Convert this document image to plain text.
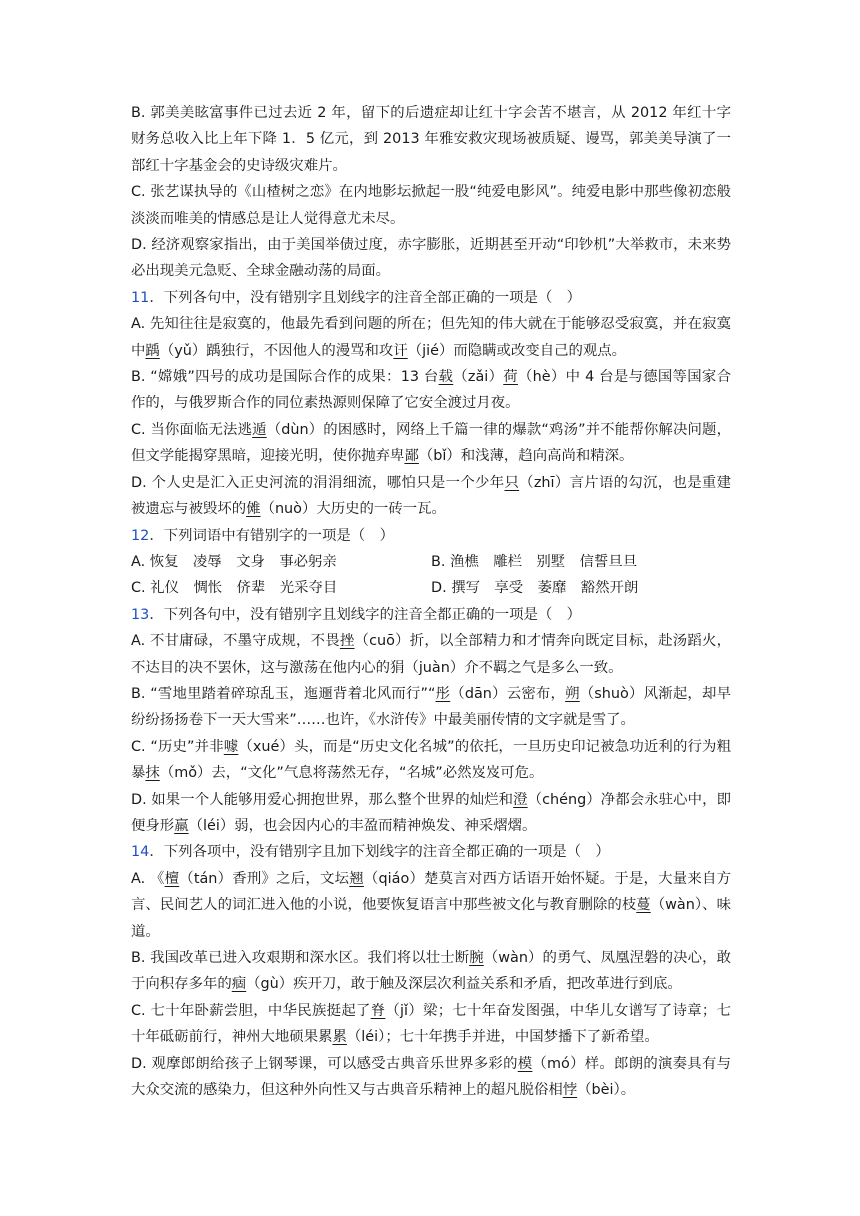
B. 郭美美眩富事件已过去近 2 年，留下的后遗症却让红十字会苦不堪言，从 2012 年红十字财务总收入比上年下降 1．5 亿元，到 2013 年雅安救灾现场被质疑、谩骂，郭美美导演了一部红十字基金会的史诗级灾难片。

C. 张艺谋执导的《山楂树之恋》在内地影坛掀起一股“纯爱电影风”。纯爱电影中那些像初恋般淡淡而唯美的情感总是让人觉得意尤未尽。

D. 经济观察家指出，由于美国举债过度，赤字膨胀，近期甚至开动“印钞机”大举救市，未来势必出现美元急贬、全球金融动荡的局面。

11．下列各句中，没有错别字且划线字的注音全部正确的一项是（　）

A. 先知往往是寂寞的，他最先看到问题的所在；但先知的伟大就在于能够忍受寂寞，并在寂寞中踽（yǔ）踽独行，不因他人的漫骂和攻讦（jié）而隐瞒或改变自己的观点。

B. “嫦娥”四号的成功是国际合作的成果：13 台载（zǎi）荷（hè）中 4 台是与德国等国家合作的，与俄罗斯合作的同位素热源则保障了它安全渡过月夜。

C. 当你面临无法逃遁（dùn）的困感时，网络上千篇一律的爆款“鸡汤”并不能帮你解决问题，但文学能揭穿黑暗，迎接光明，使你抛弃卑鄙（bǐ）和浅薄，趋向高尚和精深。

D. 个人史是汇入正史河流的涓涓细流，哪怕只是一个少年只（zhī）言片语的勾沉，也是重建被遗忘与被毁坏的傩（nuò）大历史的一砖一瓦。

12．下列词语中有错别字的一项是（　）

A. 恢复　凌辱　文身　事必躬亲	B. 渔樵　雕栏　别墅　信誓旦旦
C. 礼仪　惆怅　侪辈　光采夺目	D. 撰写　享受　萎靡　豁然开朗

13．下列各句中，没有错别字且划线字的注音全都正确的一项是（　）

A. 不甘庸碌，不墨守成规，不畏挫（cuō）折，以全部精力和才情奔向既定目标，赴汤蹈火，不达目的决不罢休，这与激荡在他内心的狷（juàn）介不羁之气是多么一致。

B. “雪地里踏着碎琼乱玉，迤逦背着北风而行”“彤（dān）云密布，朔（shuò）风渐起，却早纷纷扬扬卷下一天大雪来”……也许，《水浒传》中最美丽传情的文字就是雪了。

C. “历史”并非噱（xué）头，而是“历史文化名城”的依托，一旦历史印记被急功近利的行为粗暴抹（mǒ）去，“文化”气息将荡然无存，“名城”必然岌岌可危。

D. 如果一个人能够用爱心拥抱世界，那么整个世界的灿烂和澄（chéng）净都会永驻心中，即便身形羸（léi）弱，也会因内心的丰盈而精神焕发、神采熠熠。

14．下列各项中，没有错别字且加下划线字的注音全都正确的一项是（　）

A. 《檀（tán）香刑》之后，文坛翘（qiáo）楚莫言对西方话语开始怀疑。于是，大量来自方言、民间艺人的词汇进入他的小说，他要恢复语言中那些被文化与教育删除的枝蔓（wàn）、味道。

B. 我国改革已进入攻艰期和深水区。我们将以壮士断腕（wàn）的勇气、凤凰涅磐的决心，敢于向积存多年的痼（gù）疾开刀，敢于触及深层次利益关系和矛盾，把改革进行到底。

C. 七十年卧薪尝胆，中华民族挺起了脊（jǐ）梁；七十年奋发图强，中华儿女谱写了诗章；七十年砥砺前行，神州大地硕果累累（léi）；七十年携手并进，中国梦播下了新希望。

D. 观摩郎朗给孩子上钢琴课，可以感受古典音乐世界多彩的模（mó）样。郎朗的演奏具有与大众交流的感染力，但这种外向性又与古典音乐精神上的超凡脱俗相悖（bèi）。
